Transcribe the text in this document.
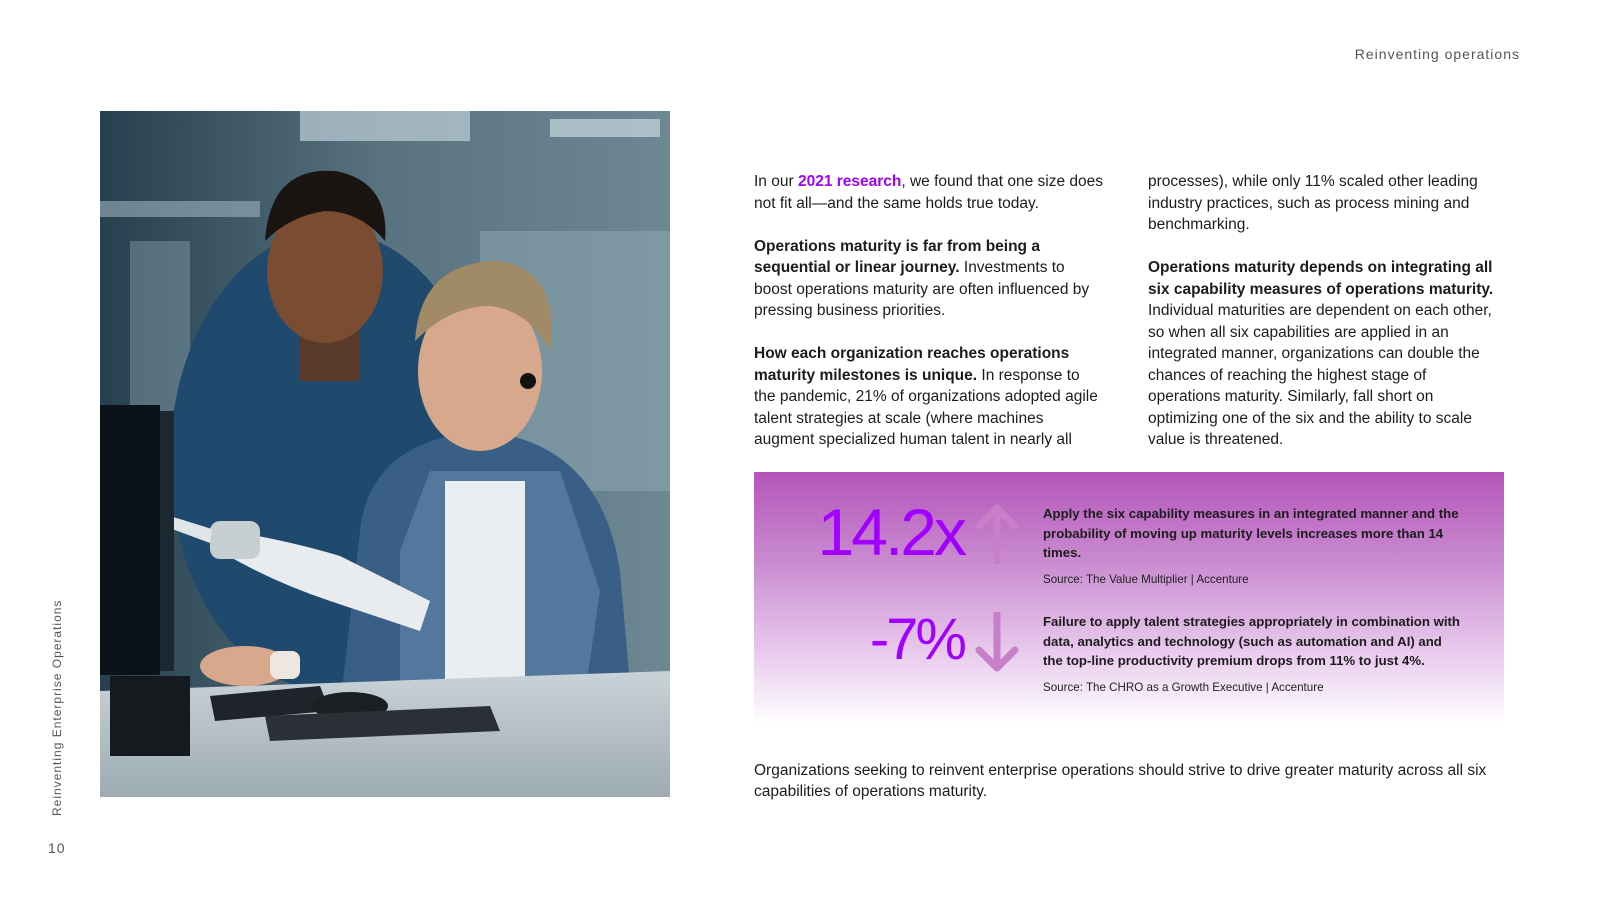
Reinventing operations
Reinventing Enterprise Operations
10

In our 2021 research, we found that one size does not fit all—and the same holds true today.

Operations maturity is far from being a sequential or linear journey. Investments to boost operations maturity are often influenced by pressing business priorities.

How each organization reaches operations maturity milestones is unique. In response to the pandemic, 21% of organizations adopted agile talent strategies at scale (where machines augment specialized human talent in nearly all

processes), while only 11% scaled other leading industry practices, such as process mining and benchmarking.

Operations maturity depends on integrating all six capability measures of operations maturity. Individual maturities are dependent on each other, so when all six capabilities are applied in an integrated manner, organizations can double the chances of reaching the highest stage of operations maturity. Similarly, fall short on optimizing one of the six and the ability to scale value is threatened.

14.2x	Apply the six capability measures in an integrated manner and the probability of moving up maturity levels increases more than 14 times.
Source: The Value Multiplier | Accenture
-7%	Failure to apply talent strategies appropriately in combination with data, analytics and technology (such as automation and AI) and the top-line productivity premium drops from 11% to just 4%.
Source: The CHRO as a Growth Executive | Accenture
Organizations seeking to reinvent enterprise operations should strive to drive greater maturity across all six capabilities of operations maturity.
